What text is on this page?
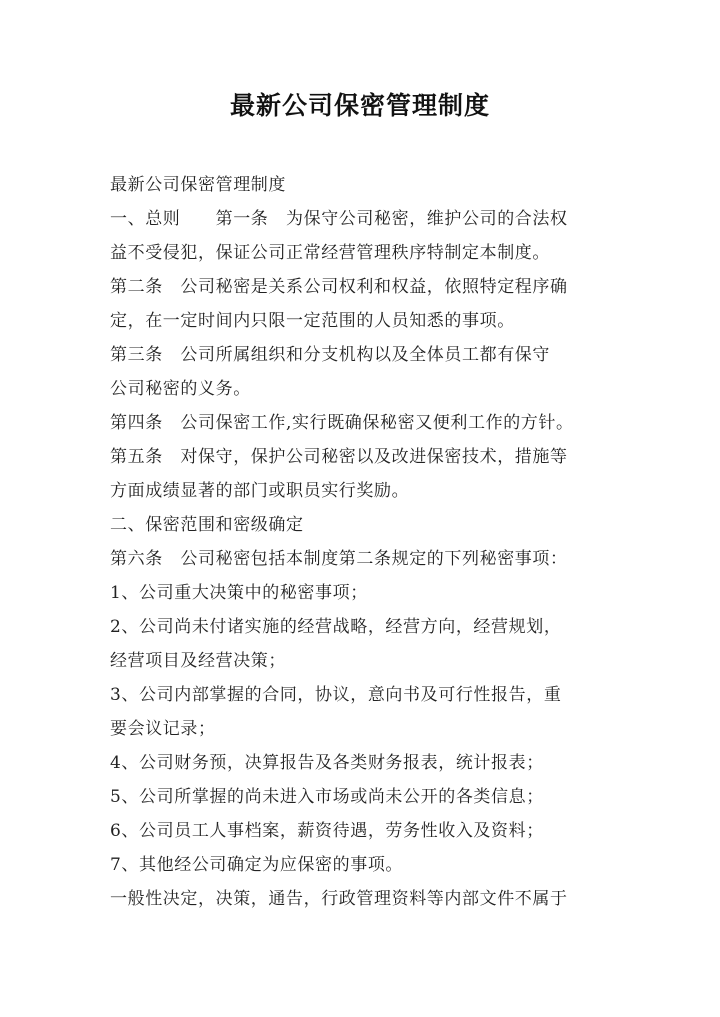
最新公司保密管理制度
最新公司保密管理制度
一、总则　　第一条　为保守公司秘密，维护公司的合法权
益不受侵犯，保证公司正常经营管理秩序特制定本制度。
第二条　公司秘密是关系公司权利和权益，依照特定程序确
定，在一定时间内只限一定范围的人员知悉的事项。
第三条　公司所属组织和分支机构以及全体员工都有保守
公司秘密的义务。
第四条　公司保密工作,实行既确保秘密又便利工作的方针。
第五条　对保守，保护公司秘密以及改进保密技术，措施等
方面成绩显著的部门或职员实行奖励。
二、保密范围和密级确定
第六条　公司秘密包括本制度第二条规定的下列秘密事项：
1、公司重大决策中的秘密事项；
2、公司尚未付诸实施的经营战略，经营方向，经营规划，
经营项目及经营决策；
3、公司内部掌握的合同，协议，意向书及可行性报告，重
要会议记录；
4、公司财务预，决算报告及各类财务报表，统计报表；
5、公司所掌握的尚未进入市场或尚未公开的各类信息；
6、公司员工人事档案，薪资待遇，劳务性收入及资料；
7、其他经公司确定为应保密的事项。
一般性决定，决策，通告，行政管理资料等内部文件不属于
